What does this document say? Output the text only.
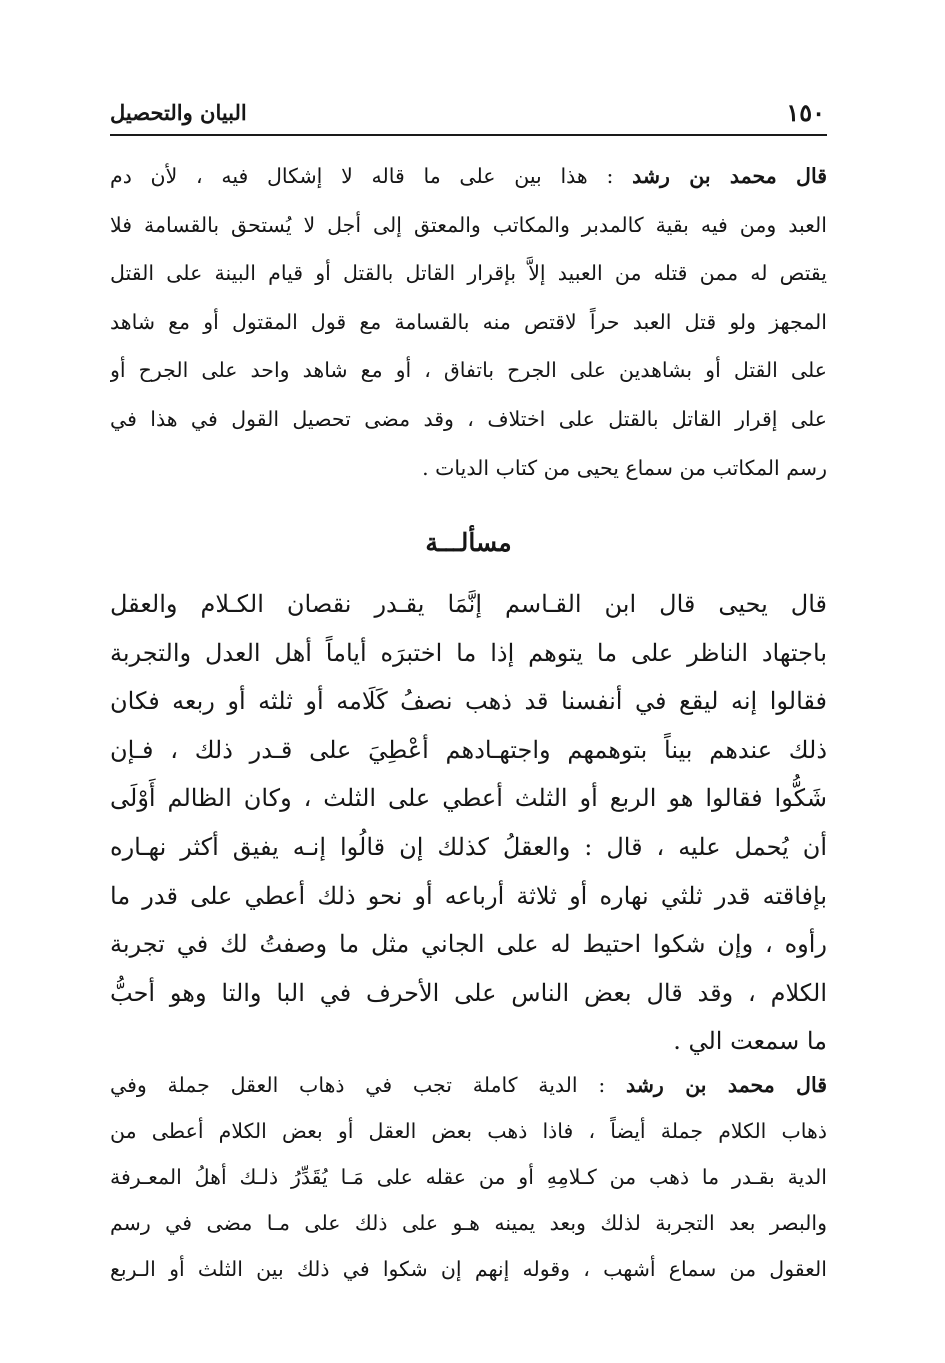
١٥٠
البيان والتحصيل
قال محمد بن رشد : هذا بين على ما قاله لا إشكال فيه ، لأن دم
العبد ومن فيه بقية كالمدبر والمكاتب والمعتق إلى أجل لا يُستحق بالقسامة فلا
يقتص له ممن قتله من العبيد إلاَّ بإقرار القاتل بالقتل أو قيام البينة على القتل
المجهز ولو قتل العبد حراً لاقتص منه بالقسامة مع قول المقتول أو مع شاهد
على القتل أو بشاهدين على الجرح باتفاق ، أو مع شاهد واحد على الجرح أو
على إقرار القاتل بالقتل على اختلاف ، وقد مضى تحصيل القول في هذا في
رسم المكاتب من سماع يحيى من كتاب الديات .
مسألـــة
قال يحيى قال ابن القـاسم إنَّمَا يقـدر نقصان الكـلام والعقل
باجتهاد الناظر على ما يتوهم إذا ما اختبرَه أياماً أهل العدل والتجربة
فقالوا إنه ليقع في أنفسنا قد ذهب نصفُ كَلَامه أو ثلثه أو ربعه فكان
ذلك عندهم بيناً بتوهمهم واجتهـادهم أعْطِيَ على قـدر ذلك ، فـإن
شَكُّوا فقالوا هو الربع أو الثلث أعطي على الثلث ، وكان الظالم أَوْلَى
أن يُحمل عليه ، قال : والعقلُ كذلك إن قالُوا إنـه يفيق أكثر نهـاره
بإفاقته قدر ثلثي نهاره أو ثلاثة أرباعه أو نحو ذلك أعطي على قدر ما
رأوه ، وإن شكوا احتيط له على الجاني مثل ما وصفتُ لك في تجربة
الكلام ، وقد قال بعض الناس على الأحرف في البا والتا وهو أحبُّ
ما سمعت الي .
قال محمد بن رشد : الدية كاملة تجب في ذهاب العقل جملة وفي
ذهاب الكلام جملة أيضاً ، فاذا ذهب بعض العقل أو بعض الكلام أعطى من
الدية بقـدر ما ذهب من كـلامِهِ أو من عقله على مَـا يُقَدِّرُ ذلـك أهلُ المعـرفة
والبصر بعد التجربة لذلك وبعد يمينه هـو على ذلك على مـا مضى في رسم
العقول من سماع أشهب ، وقوله إنهم إن شكوا في ذلك بين الثلث أو الـربع
